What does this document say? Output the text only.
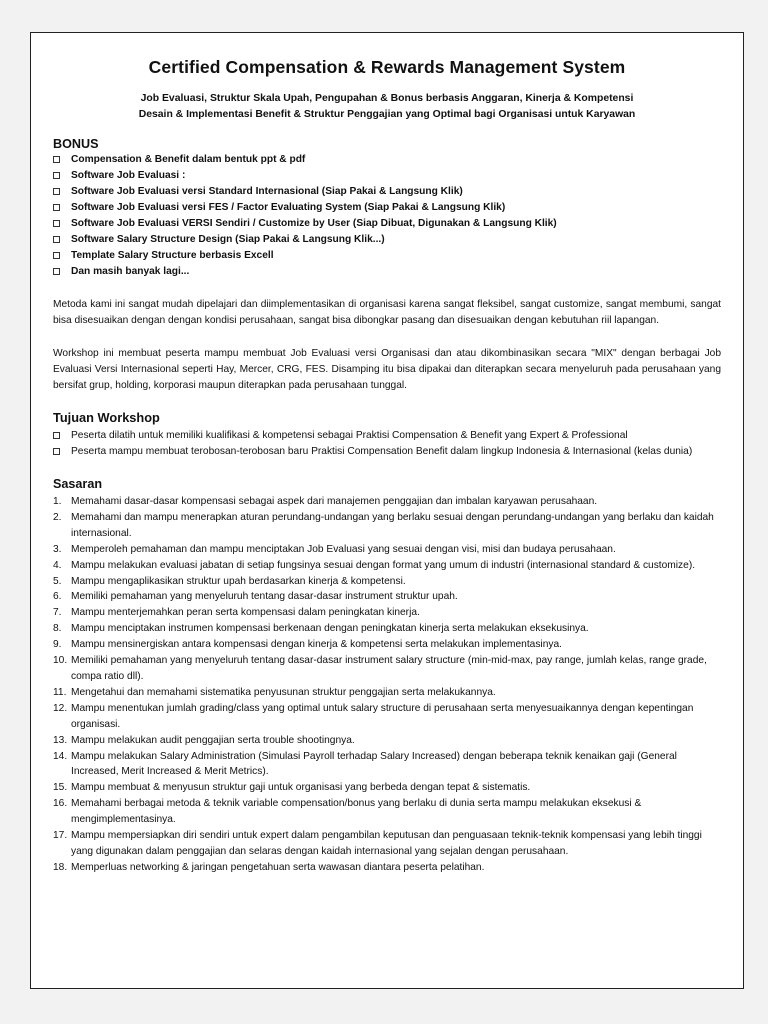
Certified Compensation & Rewards Management System
Job Evaluasi, Struktur Skala Upah, Pengupahan & Bonus berbasis Anggaran, Kinerja & Kompetensi
Desain & Implementasi Benefit & Struktur Penggajian yang Optimal bagi Organisasi untuk Karyawan
BONUS
Compensation & Benefit dalam bentuk ppt & pdf
Software Job Evaluasi :
Software Job Evaluasi versi Standard Internasional (Siap Pakai & Langsung Klik)
Software Job Evaluasi versi FES / Factor Evaluating System (Siap Pakai & Langsung Klik)
Software Job Evaluasi VERSI Sendiri / Customize by User (Siap Dibuat, Digunakan & Langsung Klik)
Software Salary Structure Design (Siap Pakai & Langsung Klik...)
Template Salary Structure berbasis Excell
Dan masih banyak lagi...

Metoda kami ini sangat mudah dipelajari dan diimplementasikan di organisasi karena sangat fleksibel, sangat customize, sangat membumi, sangat bisa disesuaikan dengan dengan kondisi perusahaan, sangat bisa dibongkar pasang dan disesuaikan dengan kebutuhan riil lapangan.

Workshop ini membuat peserta mampu membuat Job Evaluasi versi Organisasi dan atau dikombinasikan secara "MIX" dengan berbagai Job Evaluasi Versi Internasional seperti Hay, Mercer, CRG, FES. Disamping itu bisa dipakai dan diterapkan secara menyeluruh pada perusahaan yang bersifat grup, holding, korporasi maupun diterapkan pada perusahaan tunggal.

Tujuan Workshop
Peserta dilatih untuk memiliki kualifikasi & kompetensi sebagai Praktisi Compensation & Benefit yang Expert & Professional
Peserta mampu membuat terobosan-terobosan baru Praktisi Compensation Benefit dalam lingkup Indonesia & Internasional (kelas dunia)
Sasaran
1. Memahami dasar-dasar kompensasi sebagai aspek dari manajemen penggajian dan imbalan karyawan perusahaan.
2. Memahami dan mampu menerapkan aturan perundang-undangan yang berlaku sesuai dengan perundang-undangan yang berlaku dan kaidah internasional.
3. Memperoleh pemahaman dan mampu menciptakan Job Evaluasi yang sesuai dengan visi, misi dan budaya perusahaan.
4. Mampu melakukan evaluasi jabatan di setiap fungsinya sesuai dengan format yang umum di industri (internasional standard & customize).
5. Mampu mengaplikasikan struktur upah berdasarkan kinerja & kompetensi.
6. Memiliki pemahaman yang menyeluruh tentang dasar-dasar instrument struktur upah.
7. Mampu menterjemahkan peran serta kompensasi dalam peningkatan kinerja.
8. Mampu menciptakan instrumen kompensasi berkenaan dengan peningkatan kinerja serta melakukan eksekusinya.
9. Mampu mensinergiskan antara kompensasi dengan kinerja & kompetensi serta melakukan implementasinya.
10. Memiliki pemahaman yang menyeluruh tentang dasar-dasar instrument salary structure (min-mid-max, pay range, jumlah kelas, range grade, compa ratio dll).
11. Mengetahui dan memahami sistematika penyusunan struktur penggajian serta melakukannya.
12. Mampu menentukan jumlah grading/class yang optimal untuk salary structure di perusahaan serta menyesuaikannya dengan kepentingan organisasi.
13. Mampu melakukan audit penggajian serta trouble shootingnya.
14. Mampu melakukan Salary Administration (Simulasi Payroll terhadap Salary Increased) dengan beberapa teknik kenaikan gaji (General Increased, Merit Increased & Merit Metrics).
15. Mampu membuat & menyusun struktur gaji untuk organisasi yang berbeda dengan tepat & sistematis.
16. Memahami berbagai metoda & teknik variable compensation/bonus yang berlaku di dunia serta mampu melakukan eksekusi & mengimplementasinya.
17. Mampu mempersiapkan diri sendiri untuk expert dalam pengambilan keputusan dan penguasaan teknik-teknik kompensasi yang lebih tinggi yang digunakan dalam penggajian dan selaras dengan kaidah internasional yang sejalan dengan perusahaan.
18. Memperluas networking & jaringan pengetahuan serta wawasan diantara peserta pelatihan.
